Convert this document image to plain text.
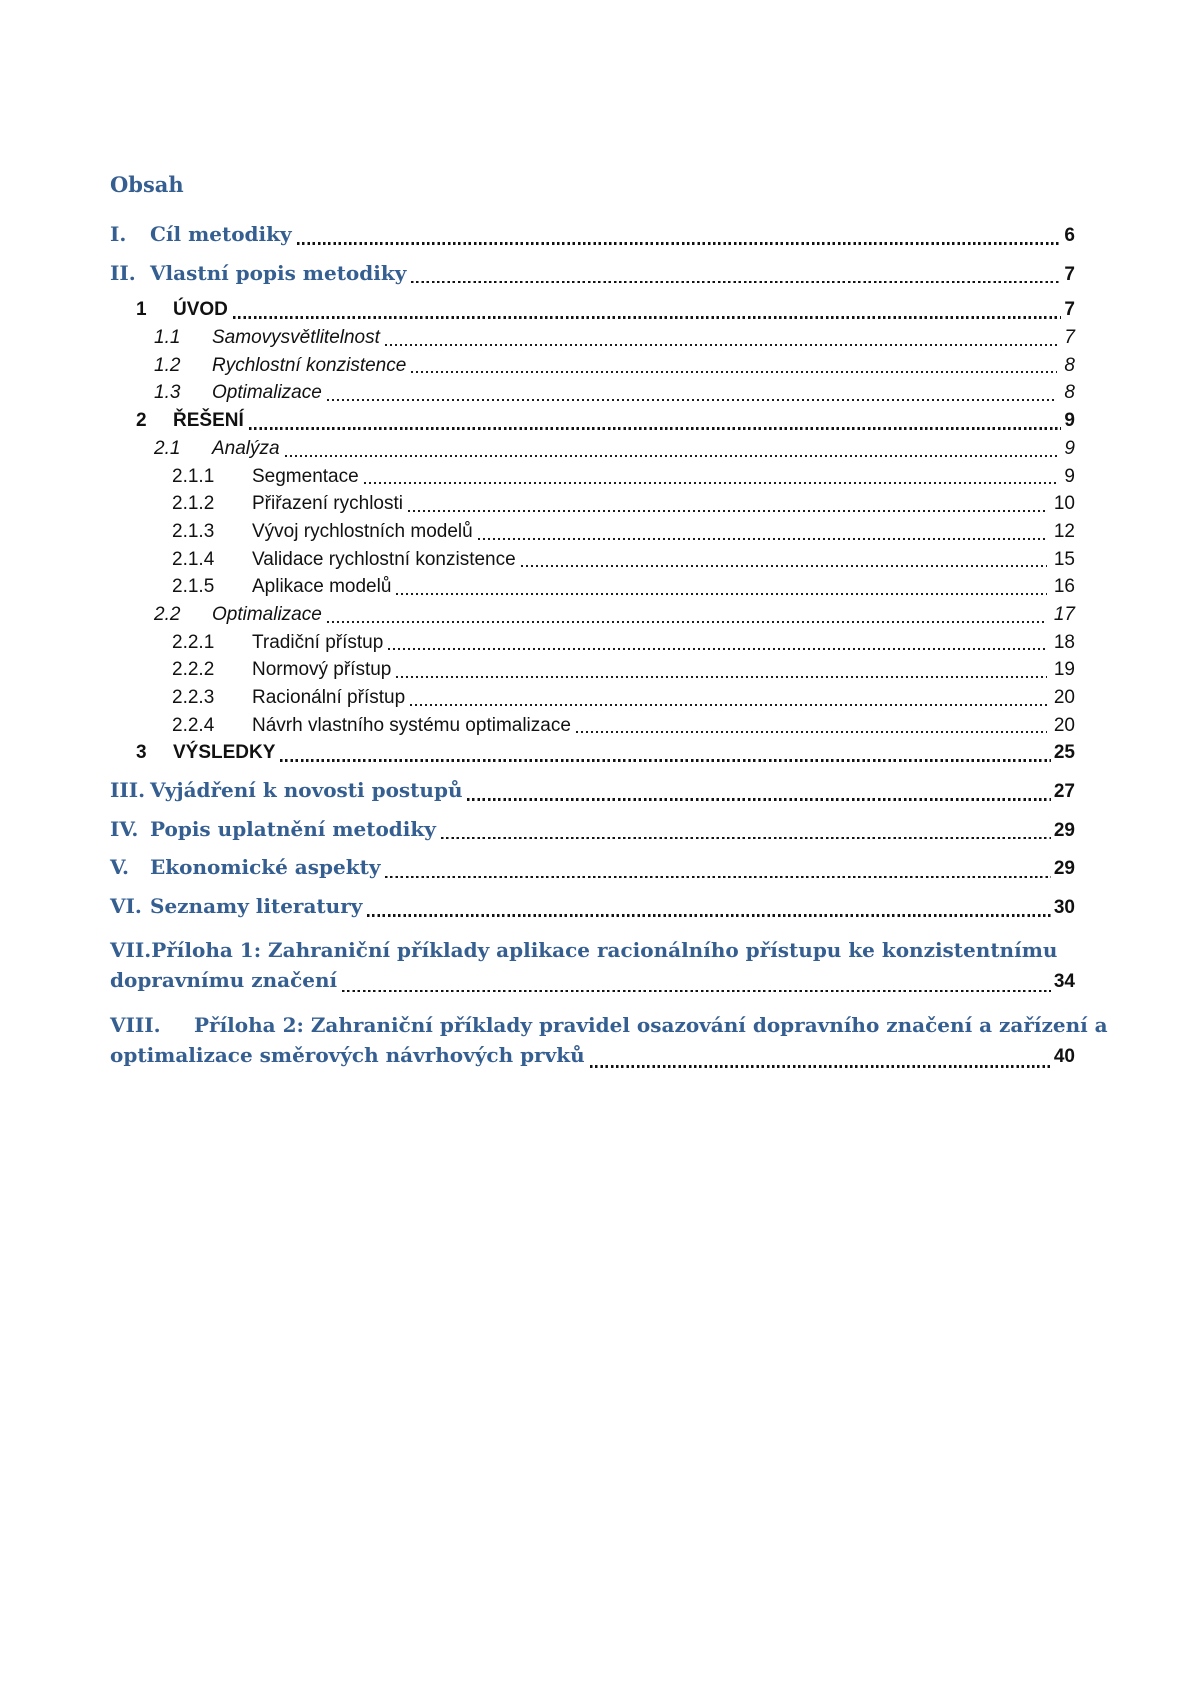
Obsah
I.	Cíl metodiky	6
II. Vlastní popis metodiky	7
1	ÚVOD	7
1.1	Samovysvětlitelnost	7
1.2	Rychlostní konzistence	8
1.3	Optimalizace	8
2	ŘEŠENÍ	9
2.1	Analýza	9
2.1.1	Segmentace	9
2.1.2	Přiřazení rychlosti	10
2.1.3	Vývoj rychlostních modelů	12
2.1.4	Validace rychlostní konzistence	15
2.1.5	Aplikace modelů	16
2.2	Optimalizace	17
2.2.1	Tradiční přístup	18
2.2.2	Normový přístup	19
2.2.3	Racionální přístup	20
2.2.4	Návrh vlastního systému optimalizace	20
3	VÝSLEDKY	25
III. Vyjádření k novosti postupů	27
IV. Popis uplatnění metodiky	29
V.	Ekonomické aspekty	29
VI. Seznamy literatury	30
VII. Příloha 1: Zahraniční příklady aplikace racionálního přístupu ke konzistentnímu
dopravnímu značení	34
VIII.	Příloha 2: Zahraniční příklady pravidel osazování dopravního značení a zařízení a
optimalizace směrových návrhových prvků	40
